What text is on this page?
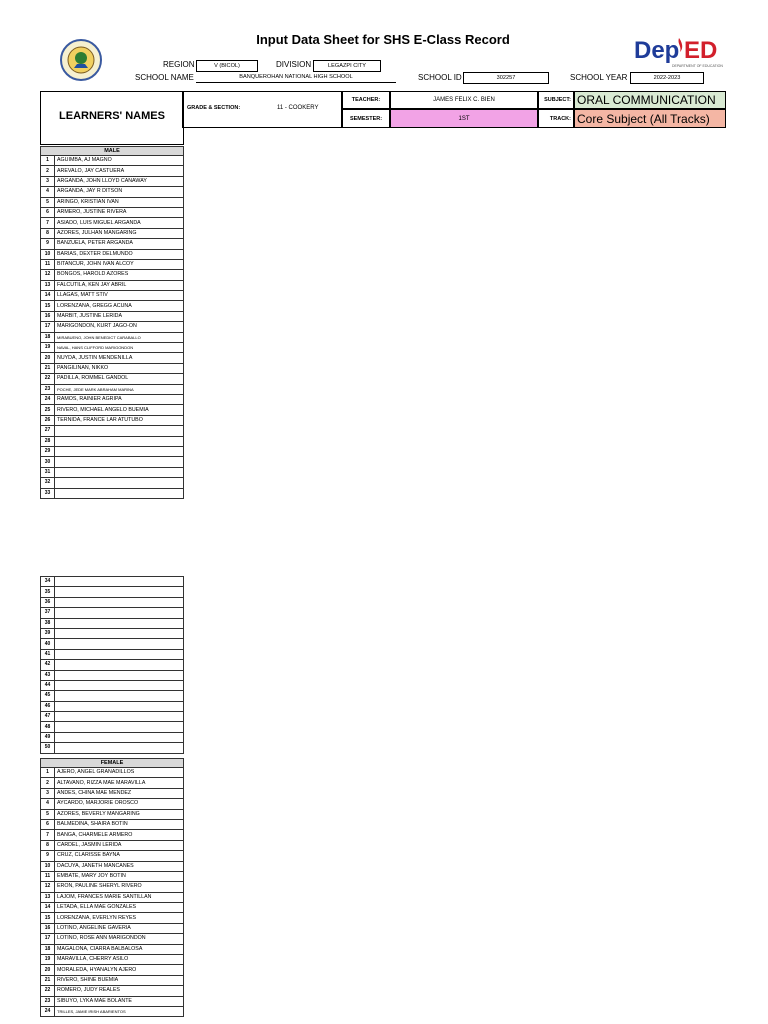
Input Data Sheet for SHS E-Class Record	Dep ED
DEPARTMENT OF EDUCATION
REGION	V (BICOL)	DIVISION	LEGAZPI CITY
SCHOOL NAME	BANQUEROHAN NATIONAL HIGH SCHOOL	SCHOOL ID	302257	SCHOOL YEAR	2022-2023
LEARNERS' NAMES
GRADE & SECTION:	11 - COOKERY
TEACHER:	JAMES FELIX C. BIEN
SEMESTER:	1ST
SUBJECT: ORAL COMMUNICATION
TRACK: Core Subject (All Tracks)
MALE
1	AGUIMBA, AJ MAGNO
2	AREVALO, JAY CASTUERA
3	ARGANDA, JOHN LLOYD CANAWAY
4	ARGANDA, JAY R DITSON
5	ARINGO, KRISTIAN IVAN
6	ARMERO, JUSTINE RIVERA
7	ASIADO, LUIS MIGUEL ARGANDA
8	AZORES, JULHAN MANGARING
9	BANZUELA, PETER ARGANDA
10	BARIAS, DEXTER DELMUNDO
11	BITANCUR, JOHN IVAN ALCOY
12	BONGOS, HAROLD AZORES
13	FALCUTILA, KEN JAY ABRIL
14	LLAGAS, MATT STIV
15	LORENZANA, GREGG ACUNA
16	MARBIT, JUSTINE LERIDA
17	MARIGONDON, KURT JAGO-ON
18	MIRABUENO, JOHN BENEDICT CARABALLO
19	NAVAL, HANS CLIFFORD MARIGONDON
20	NUYDA, JUSTIN MENDENILLA
21	PANGILINAN, NIKKO
22	PADILLA, ROMMEL GANDOL
23	POCHE, JEDE MARK ABRAHAM MARINA
24	RAMOS, RAINIER AGRIPA
25	RIVERO, MICHAEL ANGELO BUEMIA
26	TERNIDA, FRANCE LAR ATUTUBO
27	
28	
29	
30	
31	
32	
33	
34	
35	
36	
37	
38	
39	
40	
41	
42	
43	
44	
45	
46	
47	
48	
49	
50	
FEMALE
1	AJERO, ANGEL GRANADILLOS
2	ALTAVANO, RIZZA MAE MARAVILLA
3	ANDES, CHINA MAE MENDEZ
4	AYCARDO, MARJORIE OROSCO
5	AZORES, BEVERLY MANGARING
6	BALMEDINA, SHAIRA BOTIN
7	BANGA, CHARMELE ARMERO
8	CARDEL, JASMIN LERIDA
9	CRUZ, CLARISSE BAYNA
10	DACUYA, JANETH MANCANES
11	EMBATE, MARY JOY BOTIN
12	ERON, PAULINE SHERYL RIVERO
13	LAJOM, FRANCES MARIE SANTILLAN
14	LETADA, ELLA MAE GONZALES
15	LORENZANA, EVERLYN REYES
16	LOTINO, ANGELINE GAVERIA
17	LOTINO, ROSE ANN MARIGONDON
18	MAGALONA, CIARRA BALBALOSA
19	MARAVILLA, CHERRY ASILO
20	MORALEDA, HYANALYN AJERO
21	RIVERO, SHINE BUEMIA
22	ROMERO, JUDY REALES
23	SIBUYO, LYKA MAE BOLANTE
24	TRILLES, JAMIE IRISH ABARIENTOS
